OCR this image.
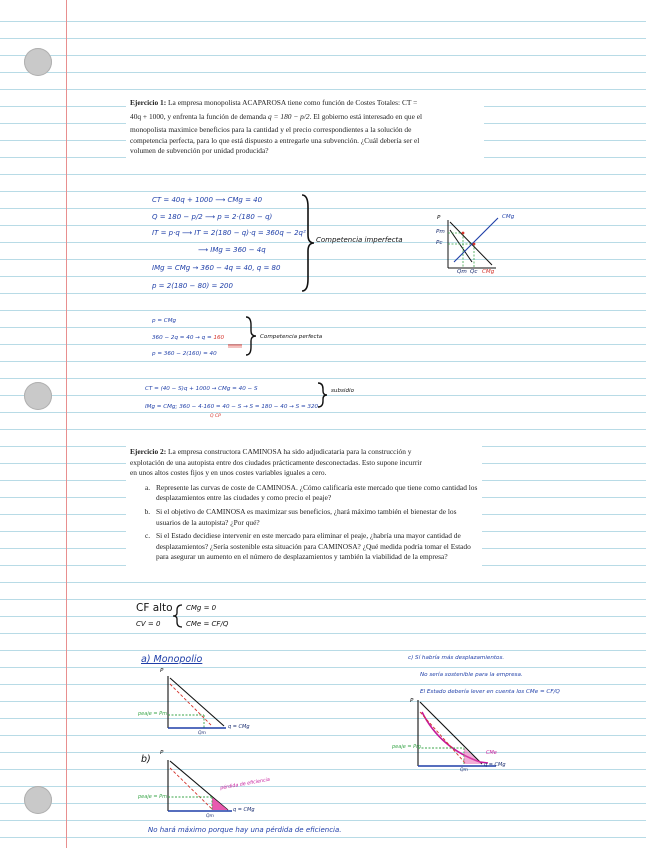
Ejercicio 1: La empresa monopolista ACAPAROSA tiene como función de Costes Totales: CT =

40q + 1000, y enfrenta la función de demanda q = 180 − p/2. El gobierno está interesado en que el

monopolista maximice beneficios para la cantidad y el precio correspondientes a la solución de

competencia perfecta, para lo que está dispuesto a entregarle una subvención. ¿Cuál debería ser el

volumen de subvención por unidad producida?

CT = 40q + 1000 ⟶ CMg = 40
Q = 180 − p/2 ⟶ p = 2·(180 − q)
IT = p·q ⟶ IT = 2(180 − q)·q = 360q − 2q²
⟶ IMg = 360 − 4q
IMg = CMg → 360 − 4q = 40, q = 80
p = 2(180 − 80) = 200
Competencia imperfecta
CMg
P
Pm
Pc
Qm Qc CMg
p = CMg
360 − 2q = 40 → q = 160
p = 360 − 2(160) = 40
Competencia perfecta
CT = (40 − S)q + 1000 → CMg = 40 − S
IMg = CMg; 360 − 4·160 = 40 − S → S = 180 − 40 → S = 320
Q CP
subsidio

Ejercicio 2: La empresa constructora CAMINOSA ha sido adjudicataria para la construcción y

explotación de una autopista entre dos ciudades prácticamente desconectadas. Esto supone incurrir

en unos altos costes fijos y en unos costes variables iguales a cero.

a. Represente las curvas de coste de CAMINOSA. ¿Cómo calificaría este mercado que tiene como cantidad los desplazamientos entre las ciudades y como precio el peaje?
b. Si el objetivo de CAMINOSA es maximizar sus beneficios, ¿hará máximo también el bienestar de los usuarios de la autopista? ¿Por qué?
c. Si el Estado decidiese intervenir en este mercado para eliminar el peaje, ¿habría una mayor cantidad de desplazamientos? ¿Sería sostenible esta situación para CAMINOSA? ¿Qué medida podría tomar el Estado para asegurar un aumento en el número de desplazamientos y también la viabilidad de la empresa?
CF alto
CV = 0
CMg = 0
CMe = CF/Q
a) Monopolio
P
peaje = Pm
Qm
q = CMg
b)
P
peaje = Pm
pérdida de eficiencia
q = CMg
Qm
No hará máximo porque hay una pérdida de eficiencia.
c) Sí habría más desplazamientos.
No sería sostenible para la empresa.
El Estado debería lever en cuenta los CMe = CF/Q
P
peaje = Pm
CMe
q = CMg
Qm
